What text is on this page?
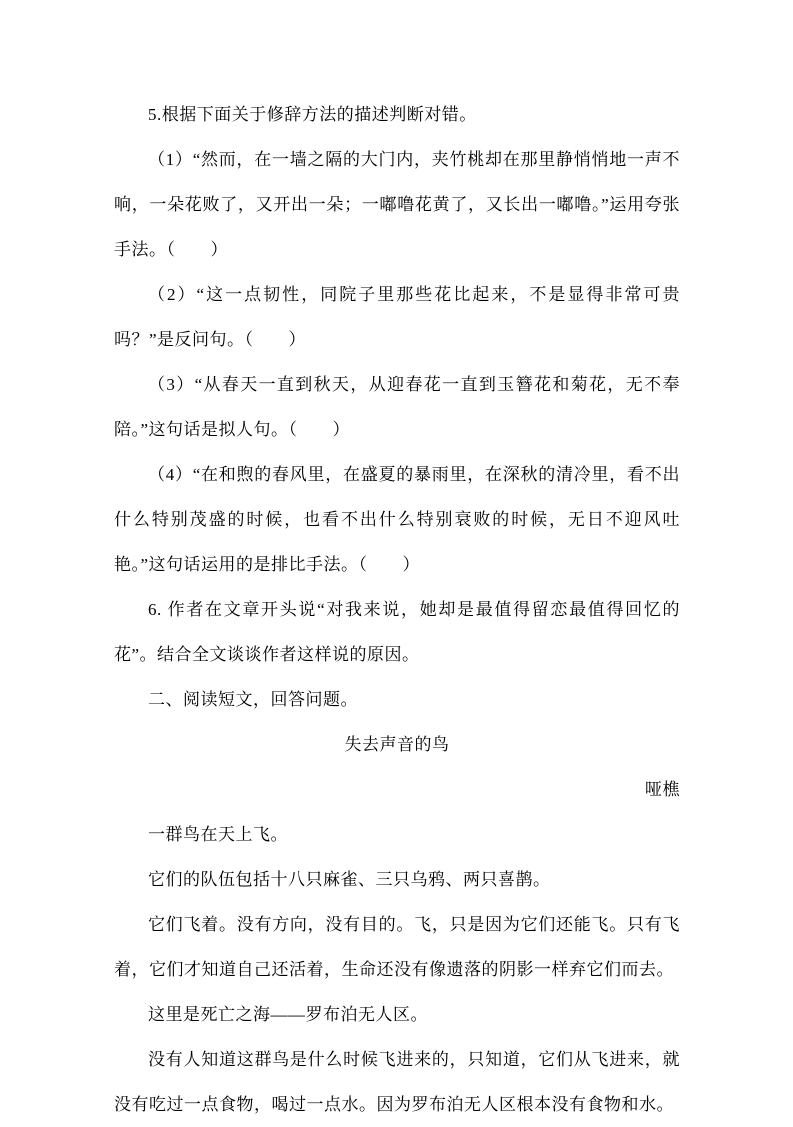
5.根据下面关于修辞方法的描述判断对错。

（1）“然而，在一墙之隔的大门内，夹竹桃却在那里静悄悄地一声不响，一朵花败了，又开出一朵；一嘟噜花黄了，又长出一嘟噜。”运用夸张手法。（　　）

（2）“这一点韧性，同院子里那些花比起来，不是显得非常可贵吗？”是反问句。（　　）

（3）“从春天一直到秋天，从迎春花一直到玉簪花和菊花，无不奉陪。”这句话是拟人句。（　　）

（4）“在和煦的春风里，在盛夏的暴雨里，在深秋的清冷里，看不出什么特别茂盛的时候，也看不出什么特别衰败的时候，无日不迎风吐艳。”这句话运用的是排比手法。（　　）

6. 作者在文章开头说“对我来说，她却是最值得留恋最值得回忆的花”。结合全文谈谈作者这样说的原因。

二、阅读短文，回答问题。

失去声音的鸟

哑樵

一群鸟在天上飞。

它们的队伍包括十八只麻雀、三只乌鸦、两只喜鹊。

它们飞着。没有方向，没有目的。飞，只是因为它们还能飞。只有飞着，它们才知道自己还活着，生命还没有像遗落的阴影一样弃它们而去。

这里是死亡之海——罗布泊无人区。

没有人知道这群鸟是什么时候飞进来的，只知道，它们从飞进来，就没有吃过一点食物，喝过一点水。因为罗布泊无人区根本没有食物和水。
